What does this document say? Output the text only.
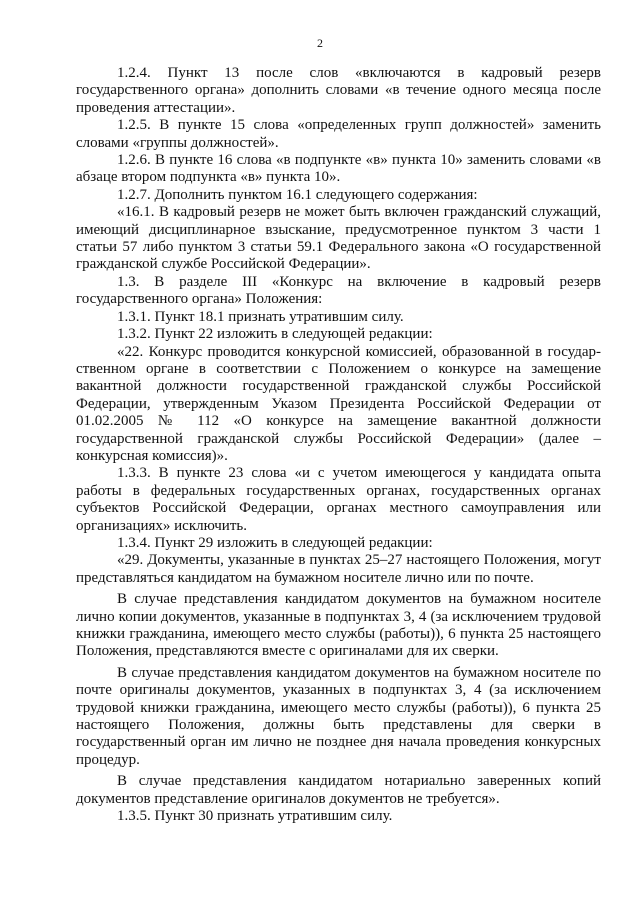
2

1.2.4. Пункт 13 после слов «включаются в кадровый резерв государственного органа» дополнить словами «в течение одного месяца после проведения аттестации».

1.2.5. В пункте 15 слова «определенных групп должностей» заменить словами «группы должностей».

1.2.6. В пункте 16 слова «в подпункте «в» пункта 10» заменить словами «в абзаце втором подпункта «в» пункта 10».

1.2.7. Дополнить пунктом 16.1 следующего содержания:

«16.1. В кадровый резерв не может быть включен гражданский служащий, имеющий дисциплинарное взыскание, предусмотренное пунктом 3 части 1 статьи 57 либо пунктом 3 статьи 59.1 Федерального закона «О государственной гражданской службе Российской Федерации».

1.3. В разделе III «Конкурс на включение в кадровый резерв государственного органа» Положения:

1.3.1. Пункт 18.1 признать утратившим силу.

1.3.2. Пункт 22 изложить в следующей редакции:

«22. Конкурс проводится конкурсной комиссией, образованной в государственном органе в соответствии с Положением о конкурсе на замещение вакантной должности государственной гражданской службы Российской Федерации, утвержденным Указом Президента Российской Федерации от 01.02.2005 № 112 «О конкурсе на замещение вакантной должности государственной гражданской службы Российской Федерации» (далее – конкурсная комиссия)».

1.3.3. В пункте 23 слова «и с учетом имеющегося у кандидата опыта работы в федеральных государственных органах, государственных органах субъектов Российской Федерации, органах местного самоуправления или организациях» исключить.

1.3.4. Пункт 29 изложить в следующей редакции:

«29. Документы, указанные в пунктах 25–27 настоящего Положения, могут представляться кандидатом на бумажном носителе лично или по почте.

В случае представления кандидатом документов на бумажном носителе лично копии документов, указанные в подпунктах 3, 4 (за исключением трудовой книжки гражданина, имеющего место службы (работы)), 6 пункта 25 настоящего Положения, представляются вместе с оригиналами для их сверки.

В случае представления кандидатом документов на бумажном носителе по почте оригиналы документов, указанных в подпунктах 3, 4 (за исключением трудовой книжки гражданина, имеющего место службы (работы)), 6 пункта 25 настоящего Положения, должны быть представлены для сверки в государственный орган им лично не позднее дня начала проведения конкурсных процедур.

В случае представления кандидатом нотариально заверенных копий документов представление оригиналов документов не требуется».

1.3.5. Пункт 30 признать утратившим силу.
